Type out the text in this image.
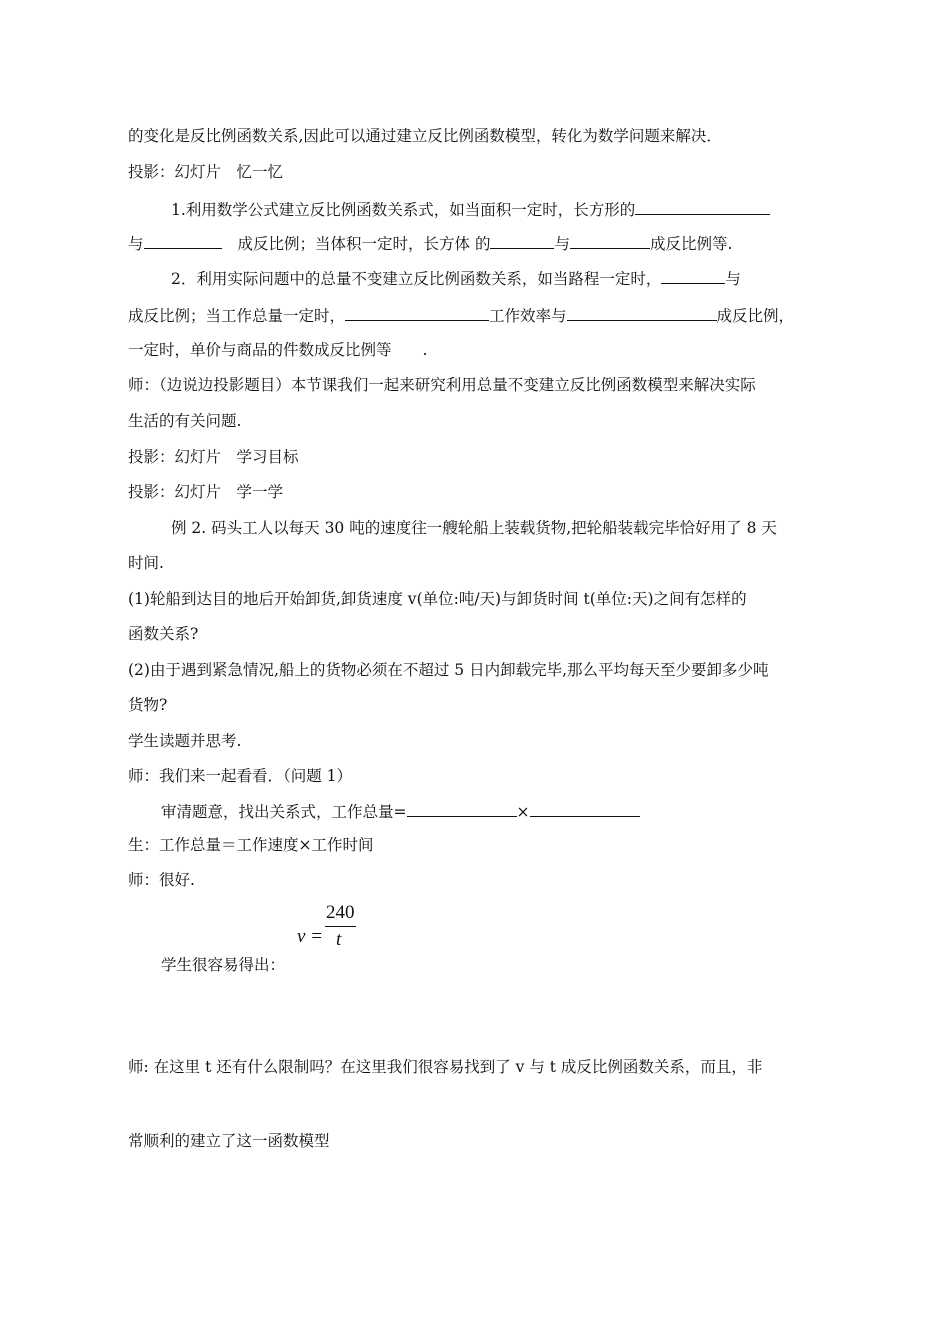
的变化是反比例函数关系,因此可以通过建立反比例函数模型，转化为数学问题来解决．
投影：幻灯片　忆一忆
1.利用数学公式建立反比例函数关系式，如当面积一定时，长方形的
与	成反比例；当体积一定时，长方体 的	与	成反比例等.
2．利用实际问题中的总量不变建立反比例函数关系，如当路程一定时，	与
成反比例；当工作总量一定时，	工作效率与	成反比例，
一定时，单价与商品的件数成反比例等　　.
师：（边说边投影题目）本节课我们一起来研究利用总量不变建立反比例函数模型来解决实际
生活的有关问题.
投影：幻灯片　学习目标
投影：幻灯片　学一学
例 2. 码头工人以每天 30 吨的速度往一艘轮船上装载货物,把轮船装载完毕恰好用了 8 天
时间.
(1)轮船到达目的地后开始卸货,卸货速度 v(单位:吨/天)与卸货时间 t(单位:天)之间有怎样的
函数关系?
(2)由于遇到紧急情况,船上的货物必须在不超过 5 日内卸载完毕,那么平均每天至少要卸多少吨
货物?
学生读题并思考.
师：我们来一起看看．（问题 1）
审清题意，找出关系式，工作总量=	×
生：工作总量＝工作速度×工作时间
师：很好.
v =
240
t
学生很容易得出：
师: 在这里 t 还有什么限制吗？在这里我们很容易找到了 v 与 t 成反比例函数关系，而且，非
常顺利的建立了这一函数模型
